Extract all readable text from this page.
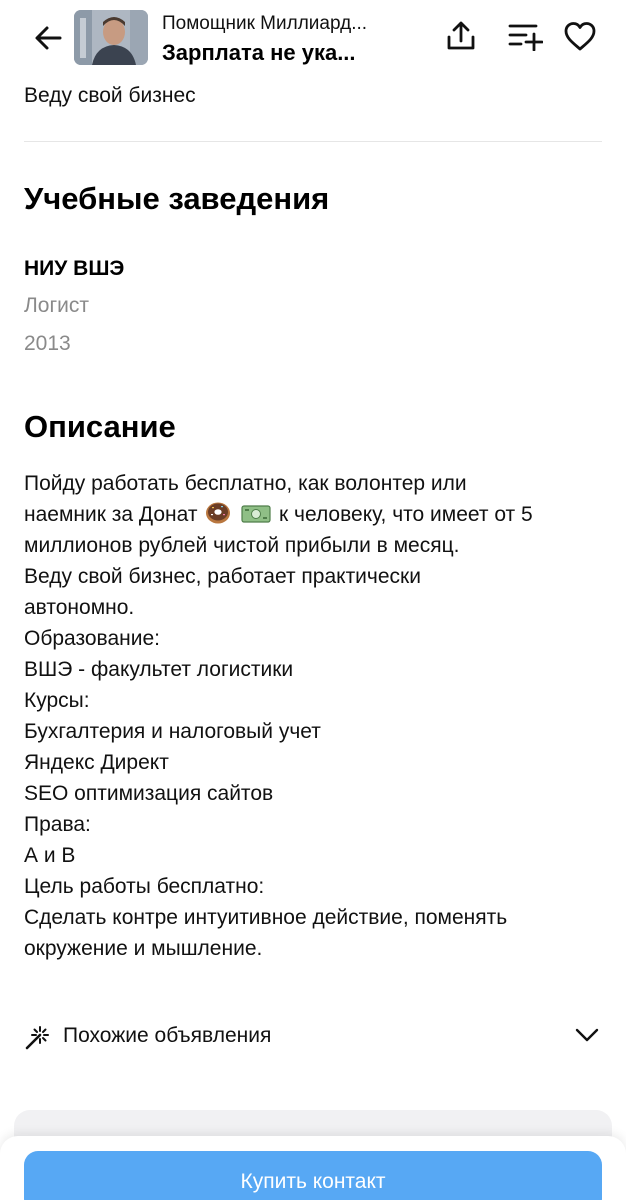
Помощник Миллиард...
Зарплата не ука...
Веду свой бизнес
Учебные заведения
НИУ ВШЭ
Логист
2013
Описание
Пойду работать бесплатно, как волонтер или
наемник за Донат	к человеку, что имеет от 5
миллионов рублей чистой прибыли в месяц.
Веду свой бизнес, работает практически
автономно.
Образование:
ВШЭ - факультет логистики
Курсы:
Бухгалтерия и налоговый учет
Яндекс Директ
SEO оптимизация сайтов
Права:
А и В
Цель работы бесплатно:
Сделать контре интуитивное действие, поменять
окружение и мышление.
Похожие объявления
Купить контакт
